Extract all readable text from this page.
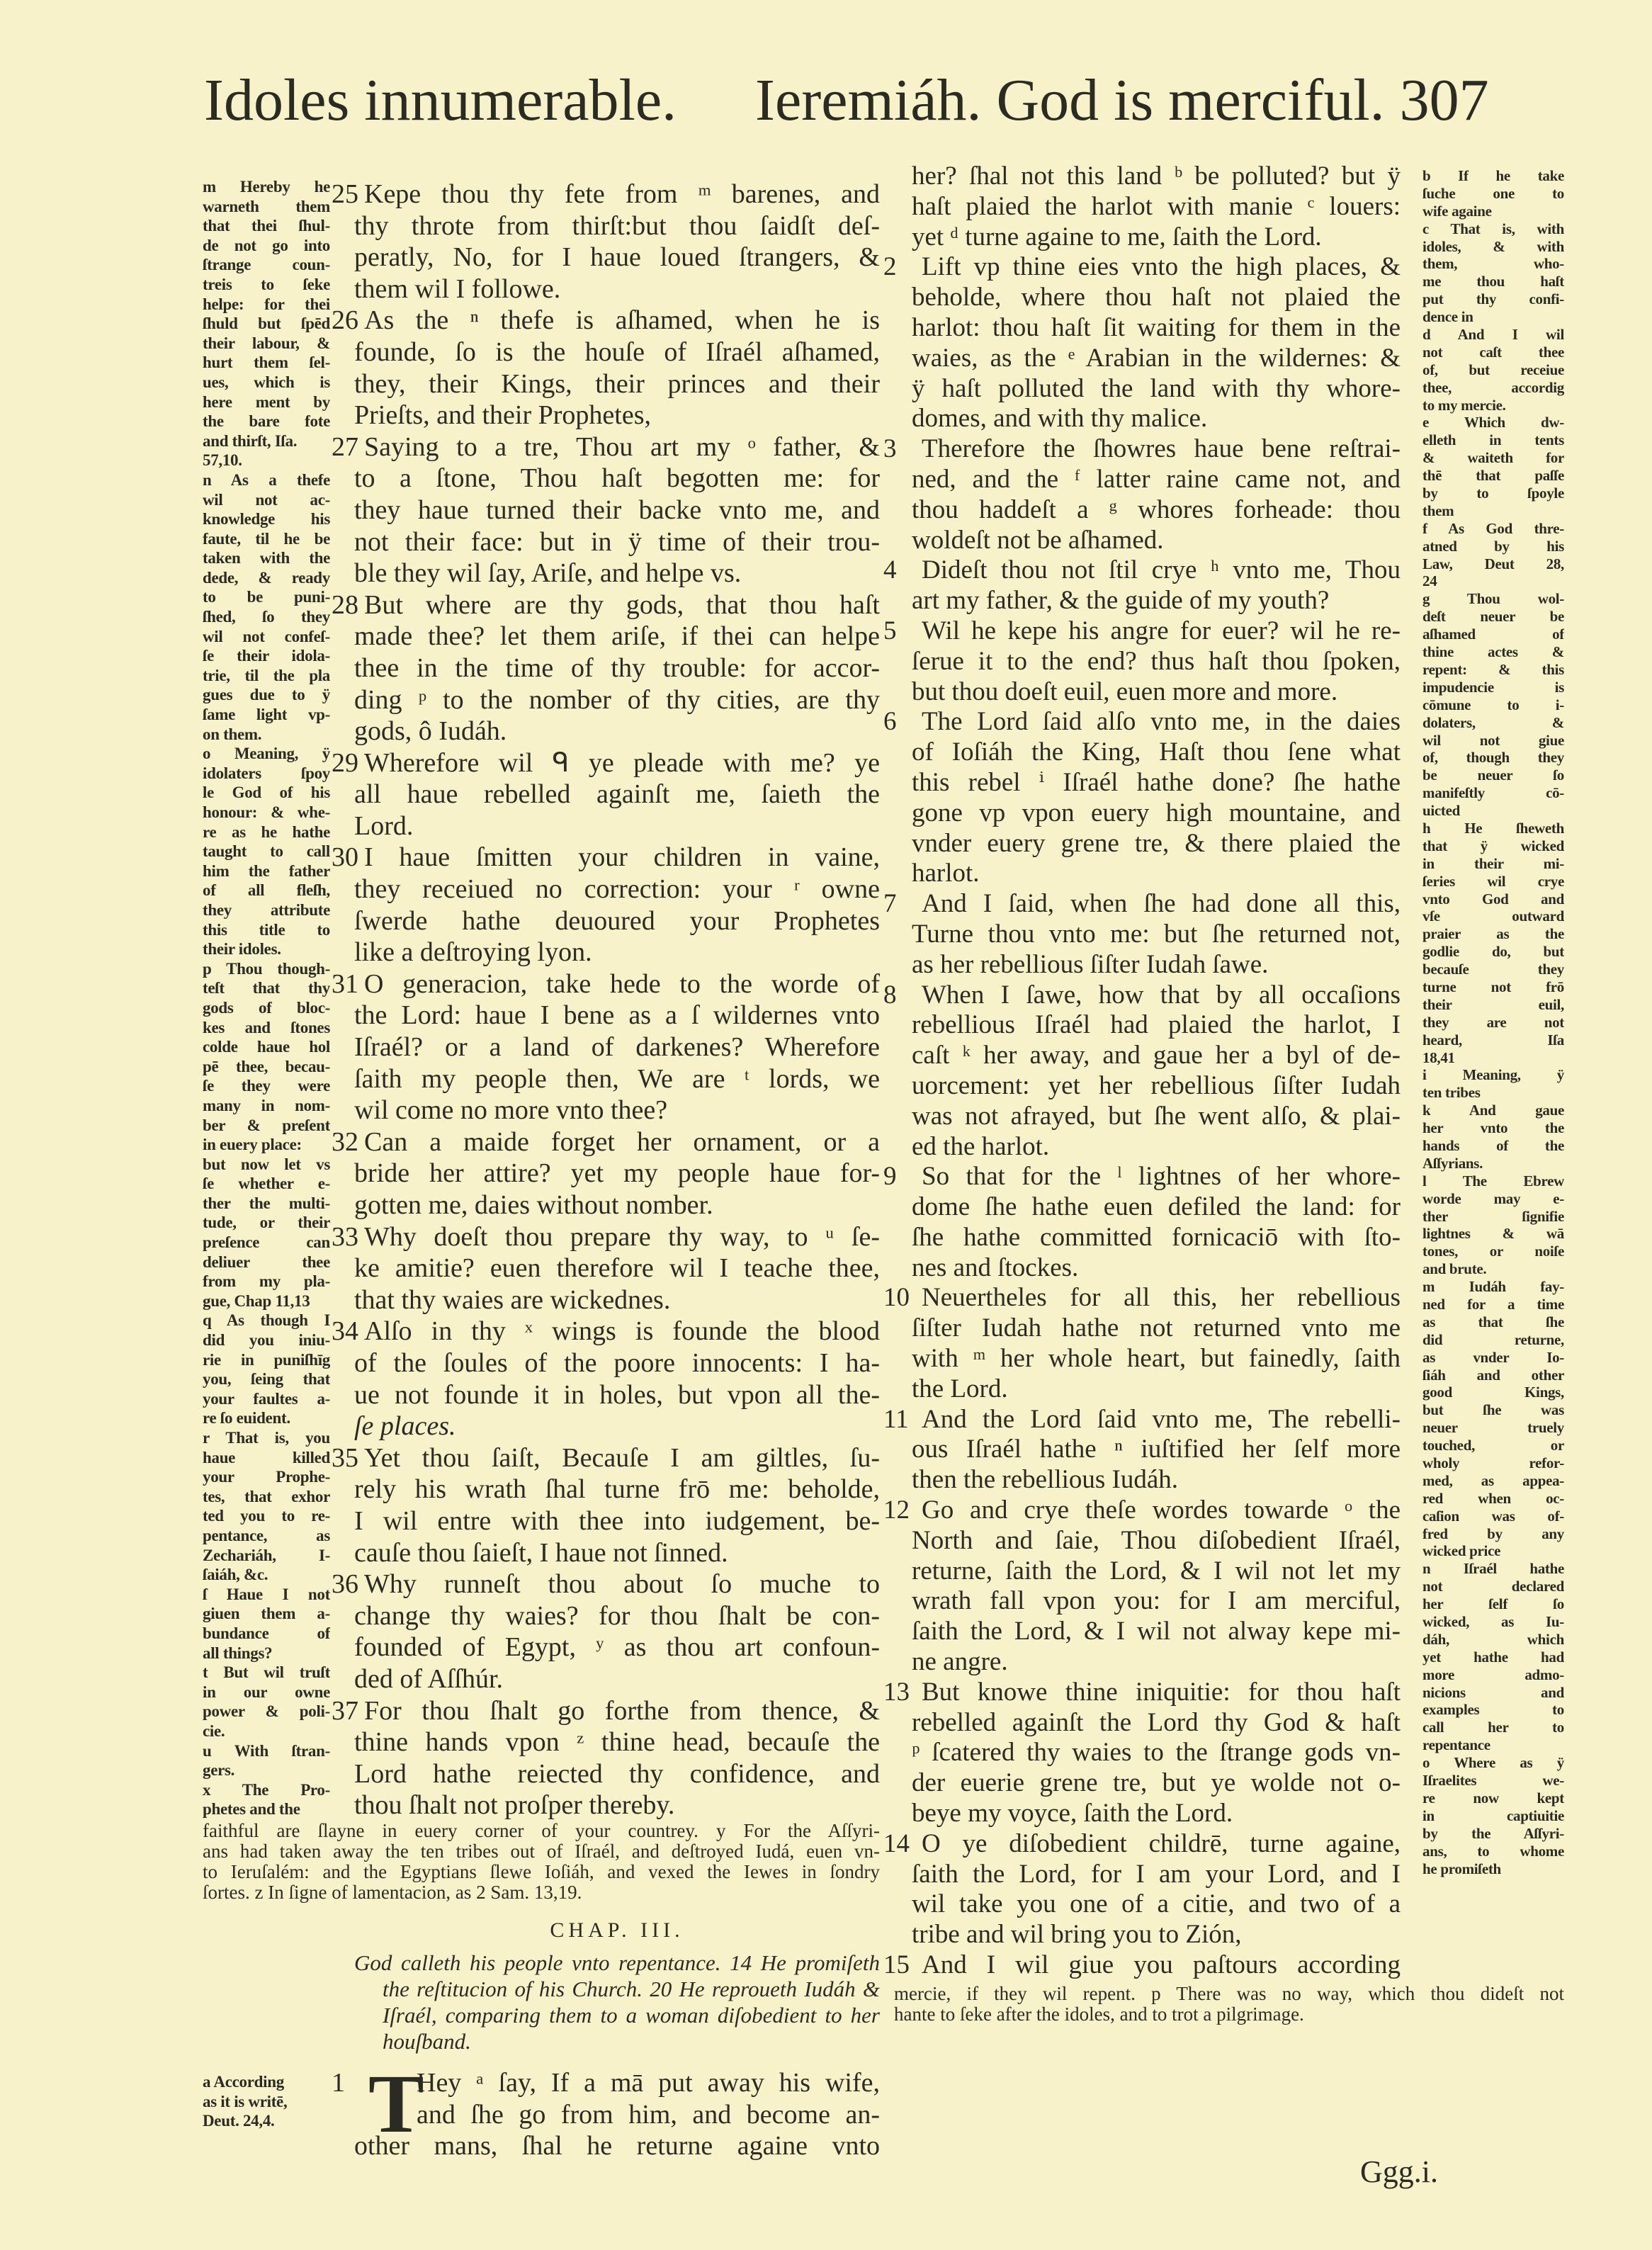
Idoles innumerable. Ieremiáh. God is merciful. 307
25 Kepe thou thy fete from ᵐ barenes, and
thy throte from thirſt:but thou ſaidſt deſ-
peratly, No, for I haue loued ſtrangers, &
them wil I followe.
26 As the ⁿ thefe is aſhamed, when he is
founde, ſo is the houſe of Iſraél aſhamed,
they, their Kings, their princes and their
Prieſts, and their Prophetes,
27 Saying to a tre, Thou art my ᵒ father, &
to a ſtone, Thou haſt begotten me: for
they haue turned their backe vnto me, and
not their face: but in ÿ time of their trou-
ble they wil ſay, Ariſe, and helpe vs.
28 But where are thy gods, that thou haſt
made thee? let them ariſe, if thei can helpe
thee in the time of thy trouble: for accor-
ding ᵖ to the nomber of thy cities, are thy
gods, ô Iudáh.
29 Wherefore wil ᑫ ye pleade with me? ye
all haue rebelled againſt me, ſaieth the
Lord.
30 I haue ſmitten your children in vaine,
they receiued no correction: your ʳ owne
ſwerde hathe deuoured your Prophetes
like a deſtroying lyon.
31 O generacion, take hede to the worde of
the Lord: haue I bene as a ſ wildernes vnto
Iſraél? or a land of darkenes? Wherefore
ſaith my people then, We are ᵗ lords, we
wil come no more vnto thee?
32 Can a maide forget her ornament, or a
bride her attire? yet my people haue for-
gotten me, daies without nomber.
33 Why doeſt thou prepare thy way, to ᵘ ſe-
ke amitie? euen therefore wil I teache thee,
that thy waies are wickednes.
34 Alſo in thy ˣ wings is founde the blood
of the ſoules of the poore innocents: I ha-
ue not founde it in holes, but vpon all the-
ſe places.
35 Yet thou ſaiſt, Becauſe I am giltles, ſu-
rely his wrath ſhal turne frō me: beholde,
I wil entre with thee into iudgement, be-
cauſe thou ſaieſt, I haue not ſinned.
36 Why runneſt thou about ſo muche to
change thy waies? for thou ſhalt be con-
founded of Egypt, ʸ as thou art confoun-
ded of Aſſhúr.
37 For thou ſhalt go forthe from thence, &
thine hands vpon ᶻ thine head, becauſe the
Lord hathe reiected thy confidence, and
thou ſhalt not proſper thereby.
m Hereby he
warneth them
that thei ſhul-
de not go into
ſtrange coun-
treis to ſeke
helpe: for thei
ſhuld but ſpēd
their labour, &
hurt them ſel-
ues, which is
here ment by
the bare fote
and thirſt, Iſa.
57,10.
n As a thefe
wil not ac-
knowledge his
faute, til he be
taken with the
dede, & ready
to be puni-
ſhed, ſo they
wil not confeſ-
ſe their idola-
trie, til the pla
gues due to ÿ
ſame light vp-
on them.
o Meaning, ÿ
idolaters ſpoy
le God of his
honour: & whe-
re as he hathe
taught to call
him the father
of all fleſh,
they attribute
this title to
their idoles.
p Thou though-
teſt that thy
gods of bloc-
kes and ſtones
colde haue hol
pē thee, becau-
ſe they were
many in nom-
ber & preſent
in euery place:
but now let vs
ſe whether e-
ther the multi-
tude, or their
preſence can
deliuer thee
from my pla-
gue, Chap 11,13
q As though I
did you iniu-
rie in puniſhīg
you, ſeing that
your faultes a-
re ſo euident.
r That is, you
haue killed
your Prophe-
tes, that exhor
ted you to re-
pentance, as
Zechariáh, I-
ſaiáh, &c.
ſ Haue I not
giuen them a-
bundance of
all things?
t But wil truſt
in our owne
power & poli-
cie.
u With ſtran-
gers.
x The Pro-
phetes and the
faithful are ſlayne in euery corner of your countrey. y For the Aſſyri-
ans had taken away the ten tribes out of Iſraél, and deſtroyed Iudá, euen vn-
to Ieruſalém: and the Egyptians ſlewe Ioſiáh, and vexed the Iewes in ſondry
ſortes. z In ſigne of lamentacion, as 2 Sam. 13,19.
CHAP. III.
God calleth his people vnto repentance. 14 He promiſeth
the reſtitucion of his Church. 20 He reproueth Iudáh &
Iſraél, comparing them to a woman diſobedient to her
houſband.
a According
as it is writē,
Deut. 24,4.
1 T
Hey ᵃ ſay, If a mā put away his wife,
and ſhe go from him, and become an-
other mans, ſhal he returne againe vnto
her? ſhal not this land ᵇ be polluted? but ÿ
haſt plaied the harlot with manie ᶜ louers:
yet ᵈ turne againe to me, ſaith the Lord.
2 Lift vp thine eies vnto the high places, &
beholde, where thou haſt not plaied the
harlot: thou haſt ſit waiting for them in the
waies, as the ᵉ Arabian in the wildernes: &
ÿ haſt polluted the land with thy whore-
domes, and with thy malice.
3 Therefore the ſhowres haue bene reſtrai-
ned, and the ᶠ latter raine came not, and
thou haddeſt a ᵍ whores forheade: thou
woldeſt not be aſhamed.
4 Dideſt thou not ſtil crye ʰ vnto me, Thou
art my father, & the guide of my youth?
5 Wil he kepe his angre for euer? wil he re-
ſerue it to the end? thus haſt thou ſpoken,
but thou doeſt euil, euen more and more.
6 The Lord ſaid alſo vnto me, in the daies
of Ioſiáh the King, Haſt thou ſene what
this rebel ⁱ Iſraél hathe done? ſhe hathe
gone vp vpon euery high mountaine, and
vnder euery grene tre, & there plaied the
harlot.
7 And I ſaid, when ſhe had done all this,
Turne thou vnto me: but ſhe returned not,
as her rebellious ſiſter Iudah ſawe.
8 When I ſawe, how that by all occaſions
rebellious Iſraél had plaied the harlot, I
caſt ᵏ her away, and gaue her a byl of de-
uorcement: yet her rebellious ſiſter Iudah
was not afrayed, but ſhe went alſo, & plai-
ed the harlot.
9 So that for the ˡ lightnes of her whore-
dome ſhe hathe euen defiled the land: for
ſhe hathe committed fornicaciō with ſto-
nes and ſtockes.
10 Neuertheles for all this, her rebellious
ſiſter Iudah hathe not returned vnto me
with ᵐ her whole heart, but fainedly, ſaith
the Lord.
11 And the Lord ſaid vnto me, The rebelli-
ous Iſraél hathe ⁿ iuſtified her ſelf more
then the rebellious Iudáh.
12 Go and crye theſe wordes towarde ᵒ the
North and ſaie, Thou diſobedient Iſraél,
returne, ſaith the Lord, & I wil not let my
wrath fall vpon you: for I am merciful,
ſaith the Lord, & I wil not alway kepe mi-
ne angre.
13 But knowe thine iniquitie: for thou haſt
rebelled againſt the Lord thy God & haſt
ᵖ ſcatered thy waies to the ſtrange gods vn-
der euerie grene tre, but ye wolde not o-
beye my voyce, ſaith the Lord.
14 O ye diſobedient childrē, turne againe,
ſaith the Lord, for I am your Lord, and I
wil take you one of a citie, and two of a
tribe and wil bring you to Zión,
15 And I wil giue you paſtours according
b If he take
ſuche one to
wife againe
c That is, with
idoles, & with
them, who-
me thou haſt
put thy confi-
dence in
d And I wil
not caſt thee
of, but receiue
thee, accordig
to my mercie.
e Which dw-
elleth in tents
& waiteth for
thē that paſſe
by to ſpoyle
them
f As God thre-
atned by his
Law, Deut 28,
24
g Thou wol-
deſt neuer be
aſhamed of
thine actes &
repent: & this
impudencie is
cōmune to i-
dolaters, &
wil not giue
of, though they
be neuer ſo
manifeſtly cō-
uicted
h He ſheweth
that ÿ wicked
in their mi-
ſeries wil crye
vnto God and
vſe outward
praier as the
godlie do, but
becauſe they
turne not frō
their euil,
they are not
heard, Iſa
18,41
i Meaning, ÿ
ten tribes
k And gaue
her vnto the
hands of the
Aſſyrians.
l The Ebrew
worde may e-
ther ſignifie
lightnes & wā
tones, or noiſe
and brute.
m Iudáh fay-
ned for a time
as that ſhe
did returne,
as vnder Io-
ſiáh and other
good Kings,
but ſhe was
neuer truely
touched, or
wholy refor-
med, as appea-
red when oc-
caſion was of-
fred by any
wicked price
n Iſraél hathe
not declared
her ſelf ſo
wicked, as Iu-
dáh, which
yet hathe had
more admo-
nicions and
examples to
call her to
repentance
o Where as ÿ
Iſraelites we-
re now kept
in captiuitie
by the Aſſyri-
ans, to whome
he promiſeth
mercie, if they wil repent. p There was no way, which thou dideſt not
hante to ſeke after the idoles, and to trot a pilgrimage.
Ggg.i.
